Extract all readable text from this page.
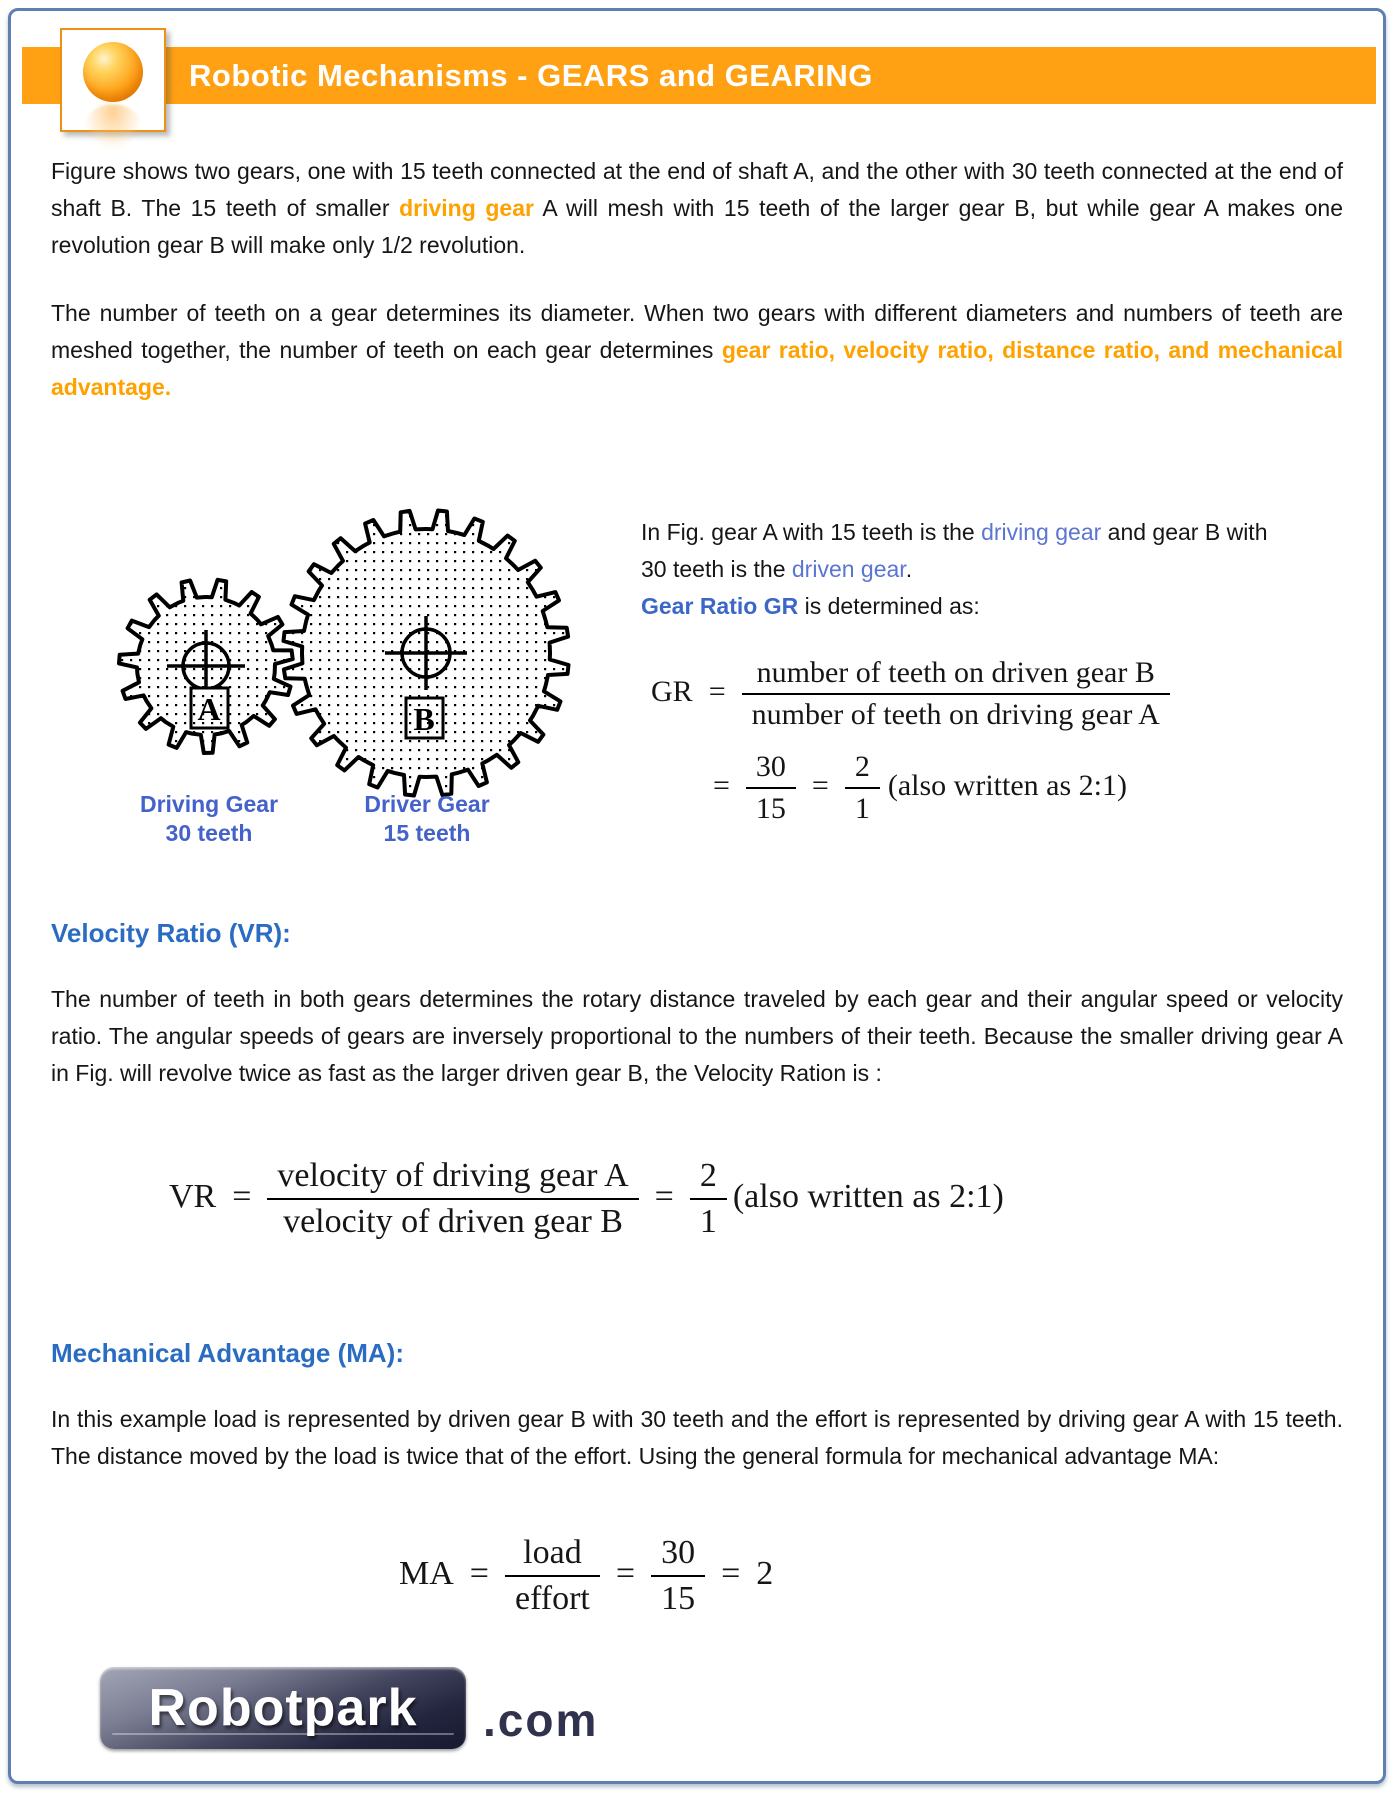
Robotic Mechanisms - GEARS and GEARING

Figure shows two gears, one with 15 teeth connected at the end of shaft A, and the other with 30 teeth connected at the end of shaft B. The 15 teeth of smaller driving gear A will mesh with 15 teeth of the larger gear B, but while gear A makes one revolution gear B will make only 1/2 revolution.

The number of teeth on a gear determines its diameter. When two gears with different diameters and numbers of teeth are meshed together, the number of teeth on each gear determines gear ratio, velocity ratio, distance ratio, and mechanical advantage.

A	B
Driving Gear
30 teeth
Driver Gear
15 teeth
In Fig. gear A with 15 teeth is the driving gear and gear B with 30 teeth is the driven gear.
Gear Ratio GR is determined as:
GR = $\frac{\text{number of teeth on driven gear B}}{\text{number of teeth on driving gear A}}$
= $\frac{30}{15} = \frac{2}{1}$ (also written as 2:1)
Velocity Ratio (VR):

The number of teeth in both gears determines the rotary distance traveled by each gear and their angular speed or velocity ratio. The angular speeds of gears are inversely proportional to the numbers of their teeth. Because the smaller driving gear A in Fig. will revolve twice as fast as the larger driven gear B, the Velocity Ration is :

VR = $\frac{\text{velocity of driving gear A}}{\text{velocity of driven gear B}} = \frac{2}{1}$ (also written as 2:1)
Mechanical Advantage (MA):

In this example load is represented by driven gear B with 30 teeth and the effort is represented by driving gear A with 15 teeth. The distance moved by the load is twice that of the effort. Using the general formula for mechanical advantage MA:

MA = $\frac{\text{load}}{\text{effort}} = \frac{30}{15} = 2$
Robotpark .com
